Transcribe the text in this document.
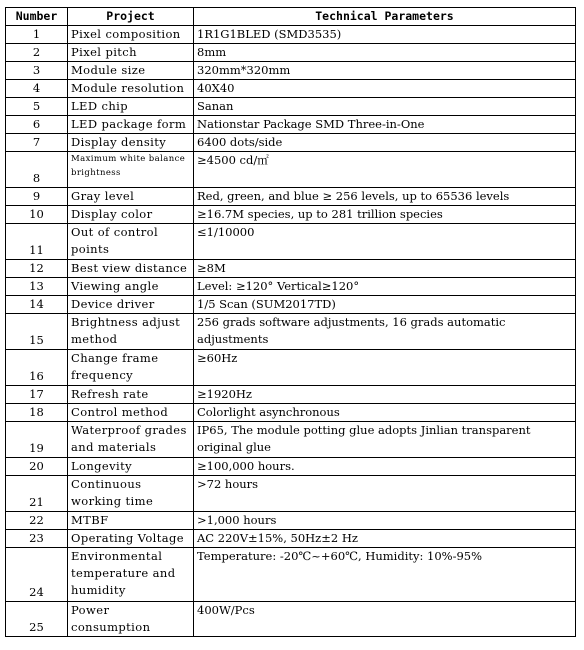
Number	Project	Technical Parameters
1	Pixel composition	1R1G1BLED (SMD3535)
2	Pixel pitch	8mm
3	Module size	320mm*320mm
4	Module resolution	40X40
5	LED chip	Sanan
6	LED package form	Nationstar Package SMD Three-in-One
7	Display density	6400 dots/side
8	Maximum white balance brightness	≥4500 cd/㎡
9	Gray level	Red, green, and blue ≥ 256 levels, up to 65536 levels
10	Display color	≥16.7M species, up to 281 trillion species
11	Out of control points	≤1/10000
12	Best view distance	≥8M
13	Viewing angle	Level: ≥120° Vertical≥120°
14	Device driver	1/5 Scan (SUM2017TD)
15	Brightness adjust method	256 grads software adjustments, 16 grads automatic adjustments
16	Change frame frequency	≥60Hz
17	Refresh rate	≥1920Hz
18	Control method	Colorlight asynchronous
19	Waterproof grades and materials	IP65, The module potting glue adopts Jinlian transparent original glue
20	Longevity	≥100,000 hours.
21	Continuous working time	>72 hours
22	MTBF	>1,000 hours
23	Operating Voltage	AC 220V±15%, 50Hz±2 Hz
24	Environmental temperature and humidity	Temperature: -20℃~+60℃, Humidity: 10%-95%
25	Power consumption	400W/Pcs
